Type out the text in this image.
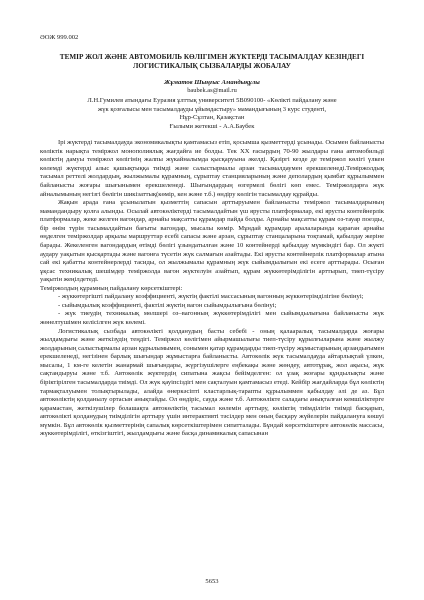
ӘОЖ 999.002
ТЕМІР ЖОЛ ЖӘНЕ АВТОМОБИЛЬ КӨЛІГІМЕН ЖҮКТЕРДІ ТАСЫМАЛДАУ КЕЗІНДЕГІ ЛОГИСТИКАЛЫҚ СЫЗБАЛАРДЫ ЖОБАЛАУ
Жұматов Шыңғыс Амандықұлы
baubek.as@mail.ru
Л.Н.Гумилев атындағы Еуразия ұлттық университеті 5В090100- «Көлікті пайдалану және
жүк қозғалысы мен тасымалдауды ұйымдастыру» мамандығының 3 курс студенті,
Нұр-Сұлтан, Қазақстан
Ғылыми жетекші - А.А.Баубек

Ірі жүктерді тасымалдауда экономикалықты қамтамасыз етіп, қосымша қызметтерді ұсынады. Осымен байланысты көліктік нарықта темiржол монополиялық жағдайға ие болды. Тек ХХ ғасырдың 70-90 жылдары ғана автомобильді көліктің дамуы темiржол көлігінің жалпы жүкайналымда қысқаруына әкелді. Қазіргі кезде де темiржол көлігі үлкен көлемді жүктерді алыс қашықтыққа тиімді және салыстырмалы арзан тасымалдаумен ерекшеленеді.Темiржолдық тасымал реттелі жолдардың, жылжымалы құрамның, сұрыптау станцияларының және деполардың қымбат құрылыммен байланысты жоғары шығынымен ерекшеленеді. Шығындардың өзгермелі бөлігі көп емес. Темiржолдарға жүк айналымының негізгі бөлігін шикізаттық(көмір, кен және т.б.) өндіру көлігін тасымалдау құрайды.

Жақын арада ғана ұсынылатын қызметтің сапасын арттыруымен байланысты темiржол тасымалдарының мамандандыру қолға алынды. Осылай автокөліктерді тасымалдайтын үш ярусты платформалар, екі ярусты контейнерлік платформалар, жеке желген вагондар, арнайы мақсатты құрамдар пайда болды. Арнайы мақсатты құрам оз-тауар поезды, бір өнім түрін тасымалдайтын бағыты вагондар, мысалы көмір. Мұндай құрамдар аралаларында қараған арнайы өңделген теміржолдар арқылы маршруттар есебі сапасы және арзан, сұрыптау станцаларына тоқтамай, қабылдау жеріне барады. Жекеленген вагондардың өтімді бөлігі ұзындатылған және 10 контейнерді қабылдау мүмкіндігі бар. Ол жүкті аудару уақытын қысқартады және вагонға түсетін жүк салмағын азайтады. Екі ярусты контейнерлік платформалар атына сай екі қабатты контейнерлерді тасиды, ол жылжымалы құрамның жүк сыйымдылығын екі есеге арттырады. Осыған ұқсас техникалық шешімдер темiржолда вагон жүктелуін азайтып, құрам жүккөтерімділігін арттырып, тиеп-түсіру уақытін жеңілдетеді.

Темiржолдың құрамның пайдалану көрсеткіштері:

- жүккөтергішті пайдалану коэффициенті, жүктің фактілі массасының вагонның жүккөтерімділігіне бөлінуі;

- сыйымдылық коэффициенті, фактілі жүктің вагон сыйымдылығына бөлінуі;

- жүк тиеудің техникалық мөлшері оз–вагонның жүккөтерімділігі мен сыйымдылығына байланысты жүк жөнелтушімен келісілген жүк көлемі.

Логистикалық сызбада автокөлікті қолданудың басты себебі - оның қалааралық тасымалдарда жоғары жылдамдығы және жеткізудің теңдігі. Темiржол көлігімен айырмашылығы тиеп-түсіру құрылғыларына және жылжу жолдарының салыстырмалы арзан құрылымымен, сонымен қатар құрамдарды тиеп-түсіру жұмыстарының арзандығымен ерекшеленеді, негізінен барлық шығындар жұмыстарға байланысты. Автокөлік жүк тасымалдауда айтарлықтай үлкен, мысалы, 1 км-ге келетін жанармай шығындары, жүргізушілерге еңбекақы және жөндеу, автотұрақ, жол ақысы, жүк сақтандыруы және т.б. Автокөлік жүктердің сипатына жақсы бейімделген: ол ұзақ жоғары құндылықты және біріктірілген тасымалдарда тиімді. Ол жүк қауіпсіздігі мен сақталуын қамтамасыз етеді. Кейбір жағдайларда бұл көліктің тармақталуымен толықтырылады, алайда өнеркәсіпті кластарлық-тарапты құрылыммен қабылдау әлі де аз. Бұл автокөліктің қолданылу ортасын анықтайды. Ол өндіріс, сауда және т.б. Автокөлікте саладағы анықталған кемшіліктерге қарамастан, жеткізушілер болашақта автокөліктің тасымал көлемін арттыру, көліктің тиімділігін тиімді басқарып, автокөлікті қолданудың тиімділігін арттыру үшін интерактивті тәсілдер мен оның басқару жүйелерін пайдалануға көшуі мүмкін. Бұл автокөлік қызметтерінің сапалық көрсеткіштерімен сипатталады. Бұндай көрсеткіштерге автокөлік массасы, жүккөтерімділігі, өткізгіштігі, жылдамдығы және басқа динамикалық сапасынан

5653
